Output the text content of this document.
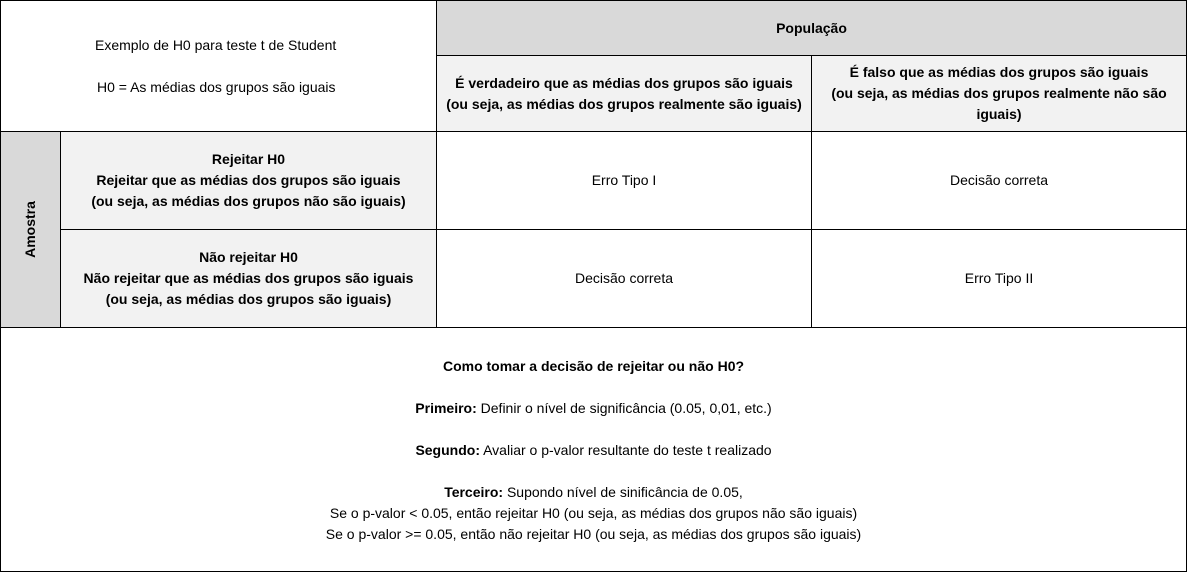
Exemplo de H0 para teste t de Student
H0 = As médias dos grupos são iguais
População
É verdadeiro que as médias dos grupos são iguais
(ou seja, as médias dos grupos realmente são iguais)
É falso que as médias dos grupos são iguais
(ou seja, as médias dos grupos realmente não são iguais)
Amostra
Rejeitar H0
Rejeitar que as médias dos grupos são iguais
(ou seja, as médias dos grupos não são iguais)
Não rejeitar H0
Não rejeitar que as médias dos grupos são iguais
(ou seja, as médias dos grupos são iguais)
Erro Tipo I	Decisão correta
Decisão correta	Erro Tipo II
Como tomar a decisão de rejeitar ou não H0?
Primeiro: Definir o nível de significância (0.05, 0,01, etc.)
Segundo: Avaliar o p-valor resultante do teste t realizado
Terceiro: Supondo nível de sinificância de 0.05,
Se o p-valor < 0.05, então rejeitar H0 (ou seja, as médias dos grupos não são iguais)
Se o p-valor >= 0.05, então não rejeitar H0 (ou seja, as médias dos grupos são iguais)
